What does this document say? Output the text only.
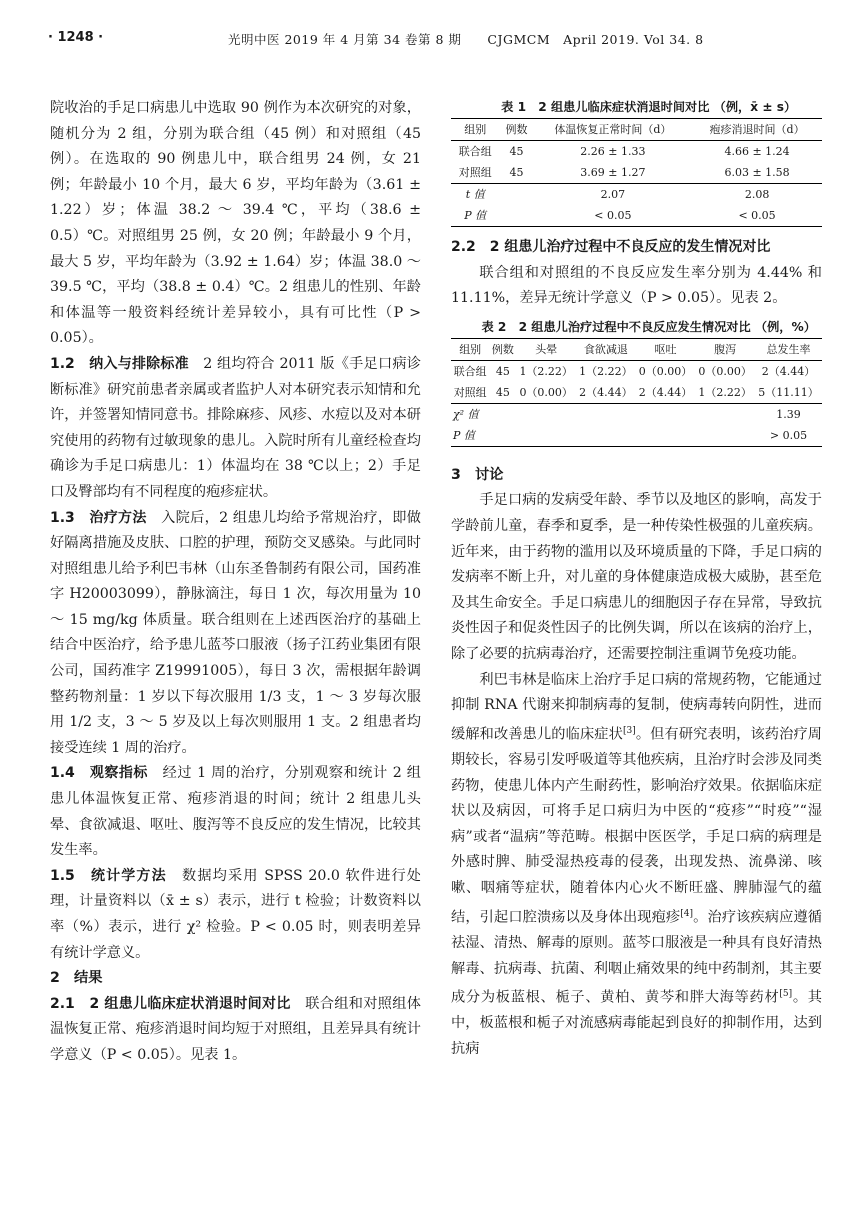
· 1248 ·	光明中医 2019 年 4 月第 34 卷第 8 期　　CJGMCM　April 2019. Vol 34. 8

院收治的手足口病患儿中选取 90 例作为本次研究的对象，随机分为 2 组，分别为联合组（45 例）和对照组（45 例）。在选取的 90 例患儿中，联合组男 24 例，女 21 例；年龄最小 10 个月，最大 6 岁，平均年龄为（3.61 ± 1.22）岁；体温 38.2 ～ 39.4 ℃，平均（38.6 ± 0.5）℃。对照组男 25 例，女 20 例；年龄最小 9 个月，最大 5 岁，平均年龄为（3.92 ± 1.64）岁；体温 38.0 ～ 39.5 ℃，平均（38.8 ± 0.4）℃。2 组患儿的性别、年龄和体温等一般资料经统计差异较小，具有可比性（P > 0.05）。

1.2　纳入与排除标准　2 组均符合 2011 版《手足口病诊断标准》研究前患者亲属或者监护人对本研究表示知情和允许，并签署知情同意书。排除麻疹、风疹、水痘以及对本研究使用的药物有过敏现象的患儿。入院时所有儿童经检查均确诊为手足口病患儿：1）体温均在 38 ℃以上；2）手足口及臀部均有不同程度的疱疹症状。

1.3　治疗方法　入院后，2 组患儿均给予常规治疗，即做好隔离措施及皮肤、口腔的护理，预防交叉感染。与此同时对照组患儿给予利巴韦林（山东圣鲁制药有限公司，国药准字 H20003099），静脉滴注，每日 1 次，每次用量为 10 ～ 15 mg/kg 体质量。联合组则在上述西医治疗的基础上结合中医治疗，给予患儿蓝芩口服液（扬子江药业集团有限公司，国药准字 Z19991005），每日 3 次，需根据年龄调整药物剂量：1 岁以下每次服用 1/3 支，1 ～ 3 岁每次服用 1/2 支，3 ～ 5 岁及以上每次则服用 1 支。2 组患者均接受连续 1 周的治疗。

1.4　观察指标　经过 1 周的治疗，分别观察和统计 2 组患儿体温恢复正常、疱疹消退的时间；统计 2 组患儿头晕、食欲减退、呕吐、腹泻等不良反应的发生情况，比较其发生率。

1.5　统计学方法　数据均采用 SPSS 20.0 软件进行处理，计量资料以（x̄ ± s）表示，进行 t 检验；计数资料以率（%）表示，进行 χ² 检验。P < 0.05 时，则表明差异有统计学意义。

2　结果

2.1　2 组患儿临床症状消退时间对比　联合组和对照组体温恢复正常、疱疹消退时间均短于对照组，且差异具有统计学意义（P < 0.05）。见表 1。

表 1　2 组患儿临床症状消退时间对比 （例，x̄ ± s）

组别	例数	体温恢复正常时间（d）	疱疹消退时间（d）
联合组	45	2.26 ± 1.33	4.66 ± 1.24
对照组	45	3.69 ± 1.27	6.03 ± 1.58
t 值		2.07	2.08
P 值		< 0.05	< 0.05

2.2　2 组患儿治疗过程中不良反应的发生情况对比

联合组和对照组的不良反应发生率分别为 4.44% 和 11.11%，差异无统计学意义（P > 0.05）。见表 2。

表 2　2 组患儿治疗过程中不良反应发生情况对比 （例，%）

组别	例数	头晕	食欲减退	呕吐	腹泻	总发生率
联合组	45	1（2.22）	1（2.22）	0（0.00）	0（0.00）	2（4.44）
对照组	45	0（0.00）	2（4.44）	2（4.44）	1（2.22）	5（11.11）
χ² 值						1.39
P 值						> 0.05

3　讨论

手足口病的发病受年龄、季节以及地区的影响，高发于学龄前儿童，春季和夏季，是一种传染性极强的儿童疾病。近年来，由于药物的滥用以及环境质量的下降，手足口病的发病率不断上升，对儿童的身体健康造成极大威胁，甚至危及其生命安全。手足口病患儿的细胞因子存在异常，导致抗炎性因子和促炎性因子的比例失调，所以在该病的治疗上，除了必要的抗病毒治疗，还需要控制注重调节免疫功能。

利巴韦林是临床上治疗手足口病的常规药物，它能通过抑制 RNA 代谢来抑制病毒的复制，使病毒转向阴性，进而缓解和改善患儿的临床症状[3]。但有研究表明，该药治疗周期较长，容易引发呼吸道等其他疾病，且治疗时会涉及同类药物，使患儿体内产生耐药性，影响治疗效果。依据临床症状以及病因，可将手足口病归为中医的“疫疹”“时疫”“湿病”或者“温病”等范畴。根据中医医学，手足口病的病理是外感时脾、肺受湿热疫毒的侵袭，出现发热、流鼻涕、咳嗽、咽痛等症状，随着体内心火不断旺盛、脾肺湿气的蕴结，引起口腔溃疡以及身体出现疱疹[4]。治疗该疾病应遵循祛湿、清热、解毒的原则。蓝芩口服液是一种具有良好清热解毒、抗病毒、抗菌、利咽止痛效果的纯中药制剂，其主要成分为板蓝根、栀子、黄柏、黄芩和胖大海等药材[5]。其中，板蓝根和栀子对流感病毒能起到良好的抑制作用，达到抗病
